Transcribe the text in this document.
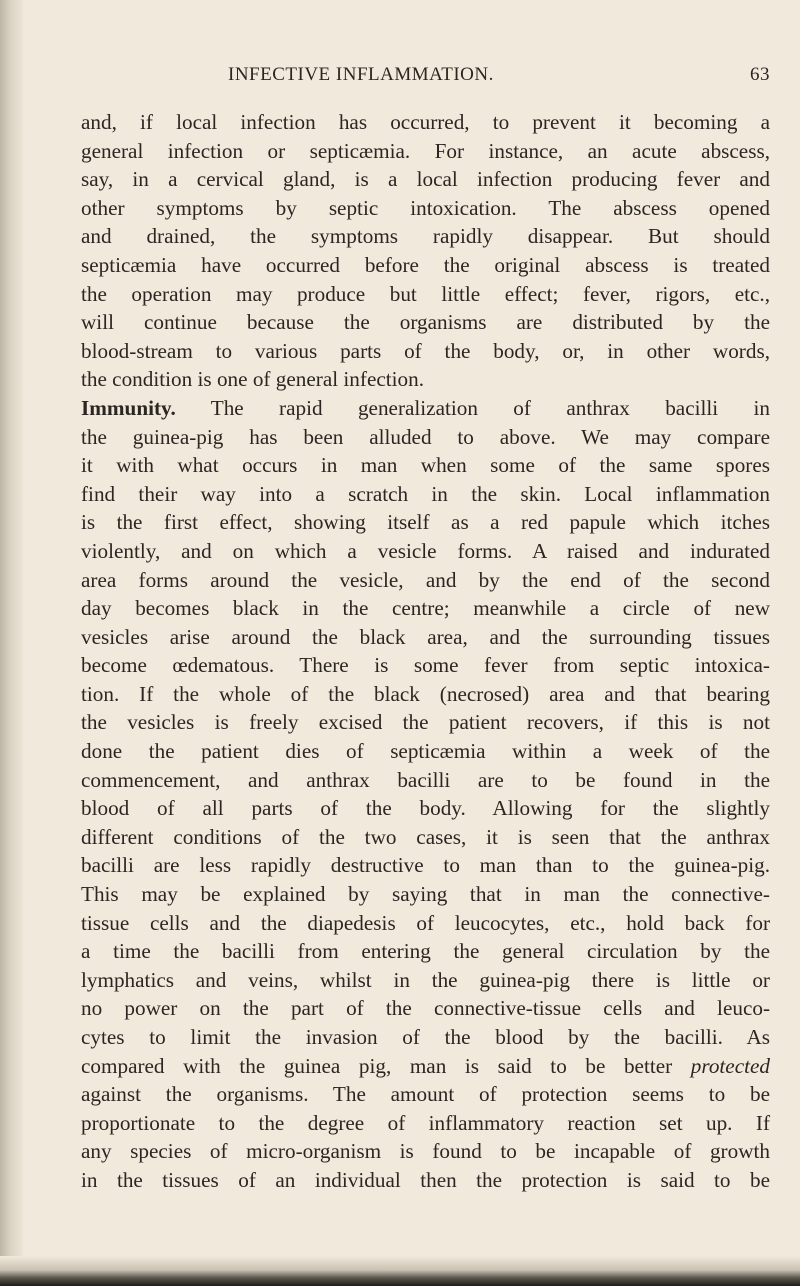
INFECTIVE INFLAMMATION.	63
and, if local infection has occurred, to prevent it becoming a
general infection or septicæmia. For instance, an acute abscess,
say, in a cervical gland, is a local infection producing fever and
other symptoms by septic intoxication. The abscess opened
and drained, the symptoms rapidly disappear. But should
septicæmia have occurred before the original abscess is treated
the operation may produce but little effect; fever, rigors, etc.,
will continue because the organisms are distributed by the
blood-stream to various parts of the body, or, in other words,
the condition is one of general infection.
Immunity. The rapid generalization of anthrax bacilli in
the guinea-pig has been alluded to above. We may compare
it with what occurs in man when some of the same spores
find their way into a scratch in the skin. Local inflammation
is the first effect, showing itself as a red papule which itches
violently, and on which a vesicle forms. A raised and indurated
area forms around the vesicle, and by the end of the second
day becomes black in the centre; meanwhile a circle of new
vesicles arise around the black area, and the surrounding tissues
become œdematous. There is some fever from septic intoxica-
tion. If the whole of the black (necrosed) area and that bearing
the vesicles is freely excised the patient recovers, if this is not
done the patient dies of septicæmia within a week of the
commencement, and anthrax bacilli are to be found in the
blood of all parts of the body. Allowing for the slightly
different conditions of the two cases, it is seen that the anthrax
bacilli are less rapidly destructive to man than to the guinea-pig.
This may be explained by saying that in man the connective-
tissue cells and the diapedesis of leucocytes, etc., hold back for
a time the bacilli from entering the general circulation by the
lymphatics and veins, whilst in the guinea-pig there is little or
no power on the part of the connective-tissue cells and leuco-
cytes to limit the invasion of the blood by the bacilli. As
compared with the guinea pig, man is said to be better protected
against the organisms. The amount of protection seems to be
proportionate to the degree of inflammatory reaction set up. If
any species of micro-organism is found to be incapable of growth
in the tissues of an individual then the protection is said to be
